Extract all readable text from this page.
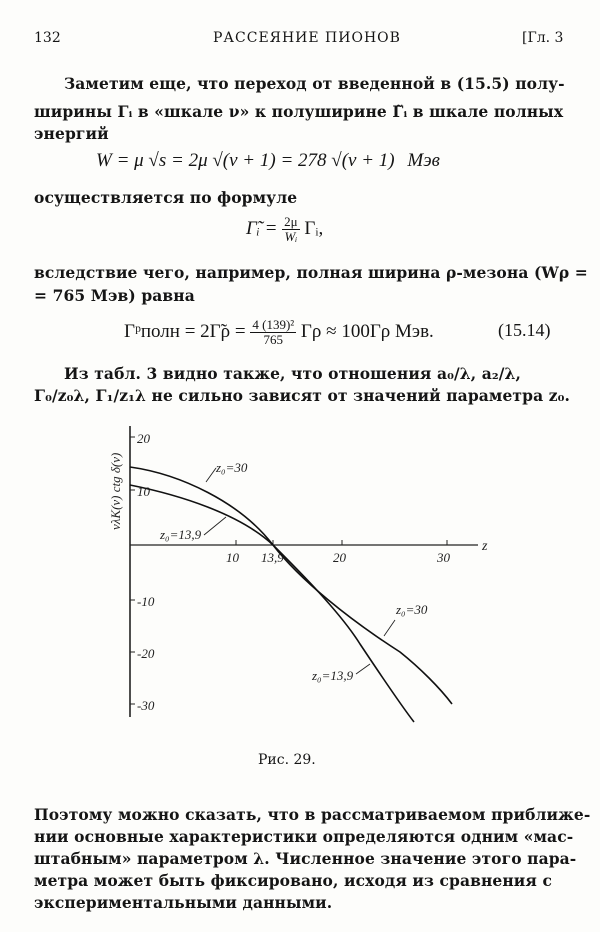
132	РАССЕЯНИЕ ПИОНОВ	[Гл. 3
Заметим еще, что переход от введенной в (15.5) полу-
ширины Γᵢ в «шкале ν» к полуширине Γ̃ᵢ в шкале полных
энергий
W = μ √s = 2μ √(ν + 1) = 278 √(ν + 1) Мэв
осуществляется по формуле
Γ̃ᵢ = $\frac{2\mu}{\text{Wᵢ}}$ Γᵢ,
вследствие чего, например, полная ширина ρ-мезона (Wρ =
= 765 Мэв) равна
Γᵖполн = 2Γ̃ρ = $\frac{\text{4 (139)²}}{765}$ Γρ ≈ 100Γρ Мэв.	(15.14)
Из табл. 3 видно также, что отношения a₀/λ, a₂/λ,
Γ₀/z₀λ, Γ₁/z₁λ не сильно зависят от значений параметра z₀.
20
10
-10
-20
-30
10 13,9	20	30
νλK(ν) ctg δ(ν)
z
z₀=30
z₀=13,9
z₀=30
z₀=13,9
Рис. 29.
Поэтому можно сказать, что в рассматриваемом приближе-
нии основные характеристики определяются одним «мас-
штабным» параметром λ. Численное значение этого пара-
метра может быть фиксировано, исходя из сравнения с
экспериментальными данными.
